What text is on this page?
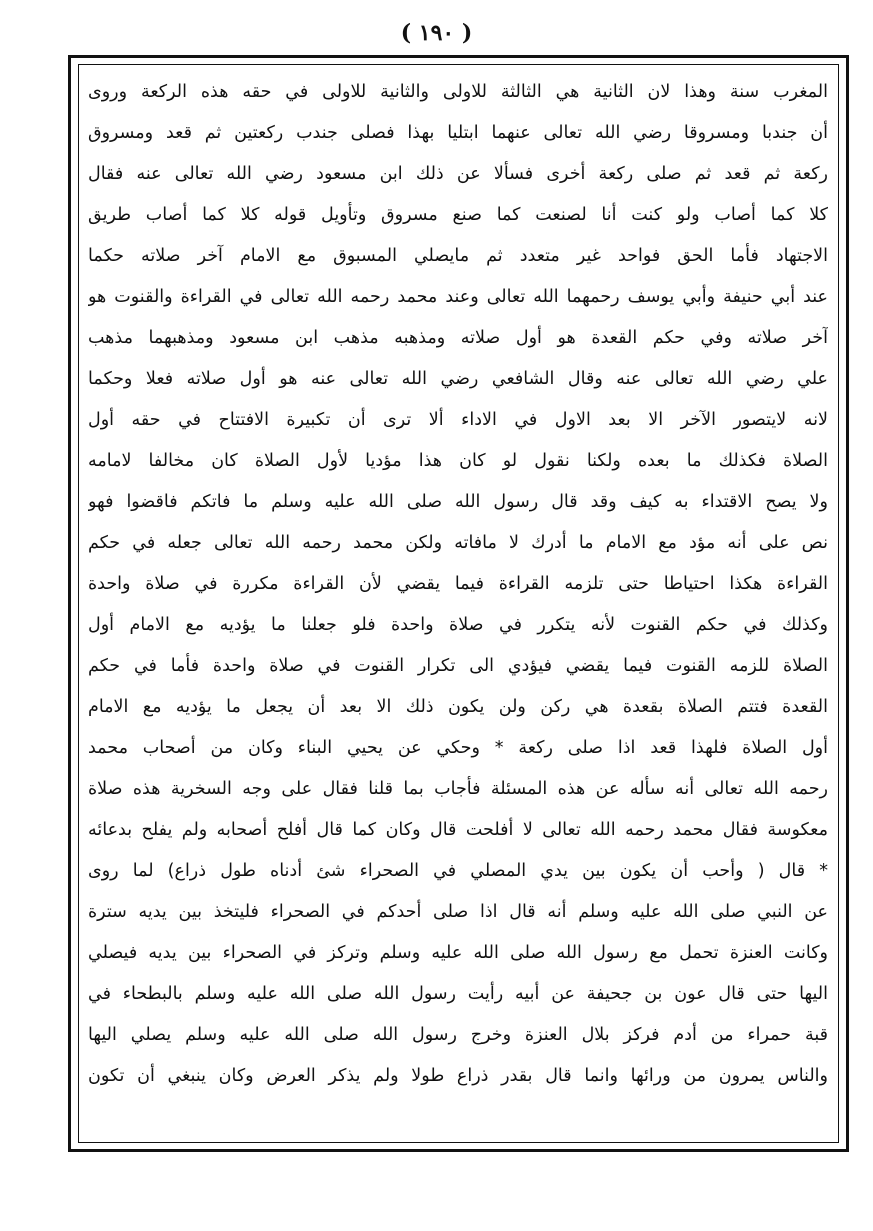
( ١٩٠ )
المغرب سنة وهذا لان الثانية هي الثالثة للاولى والثانية للاولى في حقه هذه الركعة وروى
أن جندبا ومسروقا رضي الله تعالى عنهما ابتليا بهذا فصلى جندب ركعتين ثم قعد ومسروق
ركعة ثم قعد ثم صلى ركعة أخرى فسألا عن ذلك ابن مسعود رضي الله تعالى عنه فقال
كلا كما أصاب ولو كنت أنا لصنعت كما صنع مسروق وتأويل قوله كلا كما أصاب طريق
الاجتهاد فأما الحق فواحد غير متعدد ثم مايصلي المسبوق مع الامام آخر صلاته حكما
عند أبي حنيفة وأبي يوسف رحمهما الله تعالى وعند محمد رحمه الله تعالى في القراءة والقنوت هو
آخر صلاته وفي حكم القعدة هو أول صلاته ومذهبه مذهب ابن مسعود ومذهبهما مذهب
علي رضي الله تعالى عنه وقال الشافعي رضي الله تعالى عنه هو أول صلاته فعلا وحكما
لانه لايتصور الآخر الا بعد الاول في الاداء ألا ترى أن تكبيرة الافتتاح في حقه أول
الصلاة فكذلك ما بعده ولكنا نقول لو كان هذا مؤديا لأول الصلاة كان مخالفا لامامه
ولا يصح الاقتداء به كيف وقد قال رسول الله صلى الله عليه وسلم ما فاتكم فاقضوا فهو
نص على أنه مؤد مع الامام ما أدرك لا مافاته ولكن محمد رحمه الله تعالى جعله في حكم
القراءة هكذا احتياطا حتى تلزمه القراءة فيما يقضي لأن القراءة مكررة في صلاة واحدة
وكذلك في حكم القنوت لأنه يتكرر في صلاة واحدة فلو جعلنا ما يؤديه مع الامام أول
الصلاة للزمه القنوت فيما يقضي فيؤدي الى تكرار القنوت في صلاة واحدة فأما في حكم
القعدة فتتم الصلاة بقعدة هي ركن ولن يكون ذلك الا بعد أن يجعل ما يؤديه مع الامام
أول الصلاة فلهذا قعد اذا صلى ركعة * وحكي عن يحيي البناء وكان من أصحاب محمد
رحمه الله تعالى أنه سأله عن هذه المسئلة فأجاب بما قلنا فقال على وجه السخرية هذه صلاة
معكوسة فقال محمد رحمه الله تعالى لا أفلحت قال وكان كما قال أفلح أصحابه ولم يفلح بدعائه
* قال ( وأحب أن يكون بين يدي المصلي في الصحراء شئ أدناه طول ذراع) لما روى
عن النبي صلى الله عليه وسلم أنه قال اذا صلى أحدكم في الصحراء فليتخذ بين يديه سترة
وكانت العنزة تحمل مع رسول الله صلى الله عليه وسلم وتركز في الصحراء بين يديه فيصلي
اليها حتى قال عون بن جحيفة عن أبيه رأيت رسول الله صلى الله عليه وسلم بالبطحاء في
قبة حمراء من أدم فركز بلال العنزة وخرج رسول الله صلى الله عليه وسلم يصلي اليها
والناس يمرون من ورائها وانما قال بقدر ذراع طولا ولم يذكر العرض وكان ينبغي أن تكون
